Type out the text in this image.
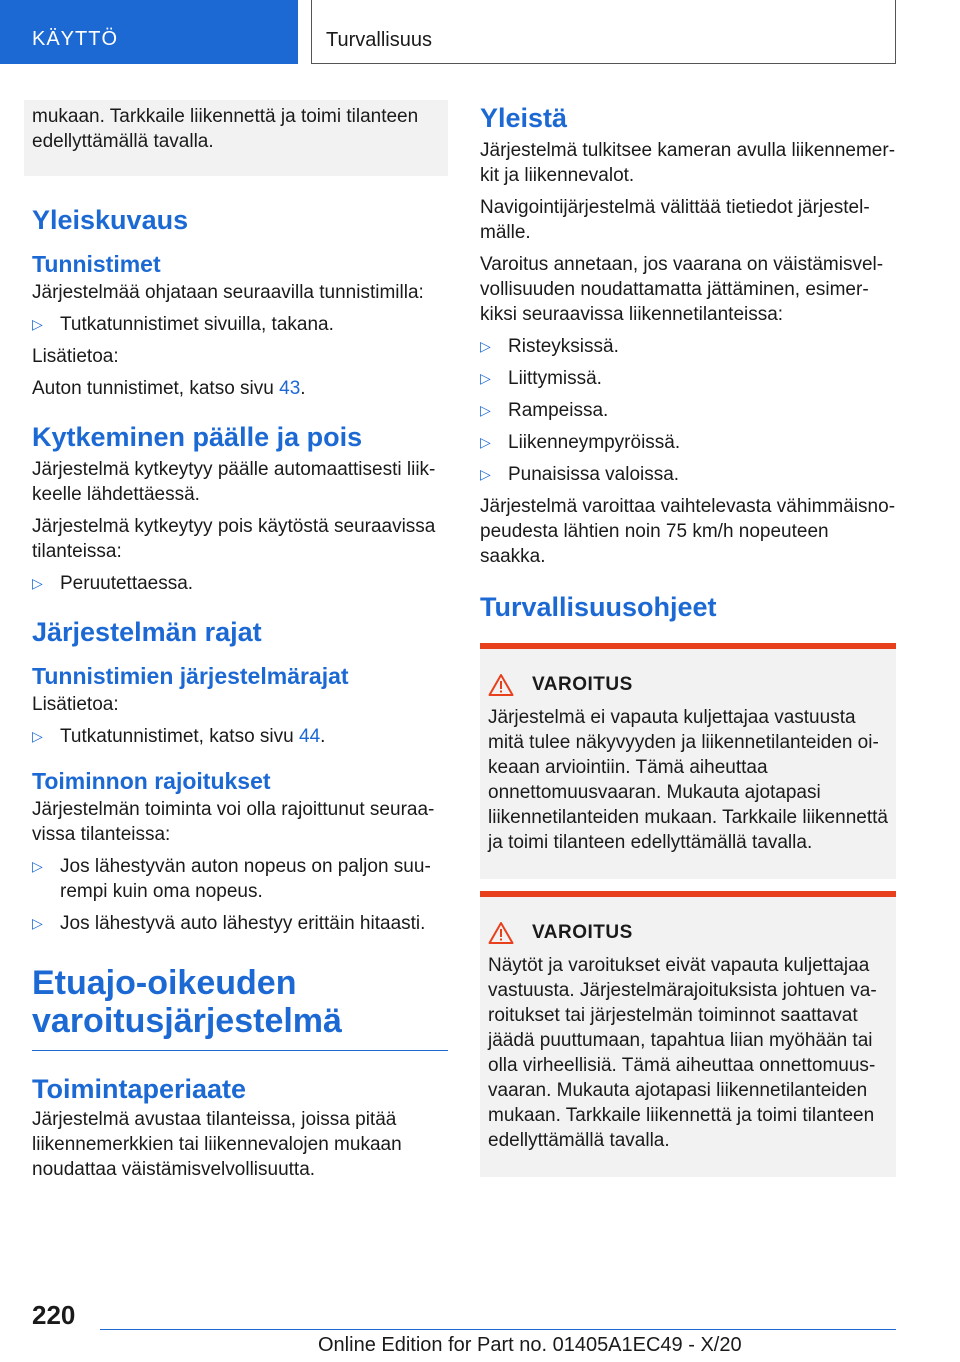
KÄYTTÖ	Turvallisuus

mukaan. Tarkkaile liikennettä ja toimi tilanteen edellyttämällä tavalla.

Yleiskuvaus
Tunnistimet

Järjestelmää ohjataan seuraavilla tunnistimilla:

▷ Tutkatunnistimet sivuilla, takana.

Lisätietoa:

Auton tunnistimet, katso sivu 43.

Kytkeminen päälle ja pois

Järjestelmä kytkeytyy päälle automaattisesti liikkeelle lähdettäessä.

Järjestelmä kytkeytyy pois käytöstä seuraavissa tilanteissa:

▷ Peruutettaessa.
Järjestelmän rajat
Tunnistimien järjestelmärajat

Lisätietoa:

▷ Tutkatunnistimet, katso sivu 44.
Toiminnon rajoitukset

Järjestelmän toiminta voi olla rajoittunut seuraavissa tilanteissa:

▷ Jos lähestyvän auton nopeus on paljon suurempi kuin oma nopeus.
▷ Jos lähestyvä auto lähestyy erittäin hitaasti.
Etuajo-oikeuden varoitusjärjestelmä
Toimintaperiaate

Järjestelmä avustaa tilanteissa, joissa pitää liikennemerkkien tai liikennevalojen mukaan noudattaa väistämisvelvollisuutta.

Yleistä

Järjestelmä tulkitsee kameran avulla liikennemerkit ja liikennevalot.

Navigointijärjestelmä välittää tietiedot järjestelmälle.

Varoitus annetaan, jos vaarana on väistämisvelvollisuuden noudattamatta jättäminen, esimerkiksi seuraavissa liikennetilanteissa:

▷ Risteyksissä.
▷ Liittymissä.
▷ Rampeissa.
▷ Liikenneympyröissä.
▷ Punaisissa valoissa.

Järjestelmä varoittaa vaihtelevasta vähimmäisnopeudesta lähtien noin 75 km/h nopeuteen saakka.

Turvallisuusohjeet
VAROITUS

Järjestelmä ei vapauta kuljettajaa vastuusta mitä tulee näkyvyyden ja liikennetilanteiden oikeaan arviointiin. Tämä aiheuttaa onnettomuusvaaran. Mukauta ajotapasi liikennetilanteiden mukaan. Tarkkaile liikennettä ja toimi tilanteen edellyttämällä tavalla.

VAROITUS

Näytöt ja varoitukset eivät vapauta kuljettajaa vastuusta. Järjestelmärajoituksista johtuen varoitukset tai järjestelmän toiminnot saattavat jäädä puuttumaan, tapahtua liian myöhään tai olla virheellisiä. Tämä aiheuttaa onnettomuusvaaran. Mukauta ajotapasi liikennetilanteiden mukaan. Tarkkaile liikennettä ja toimi tilanteen edellyttämällä tavalla.

220
Online Edition for Part no. 01405A1EC49 - X/20
